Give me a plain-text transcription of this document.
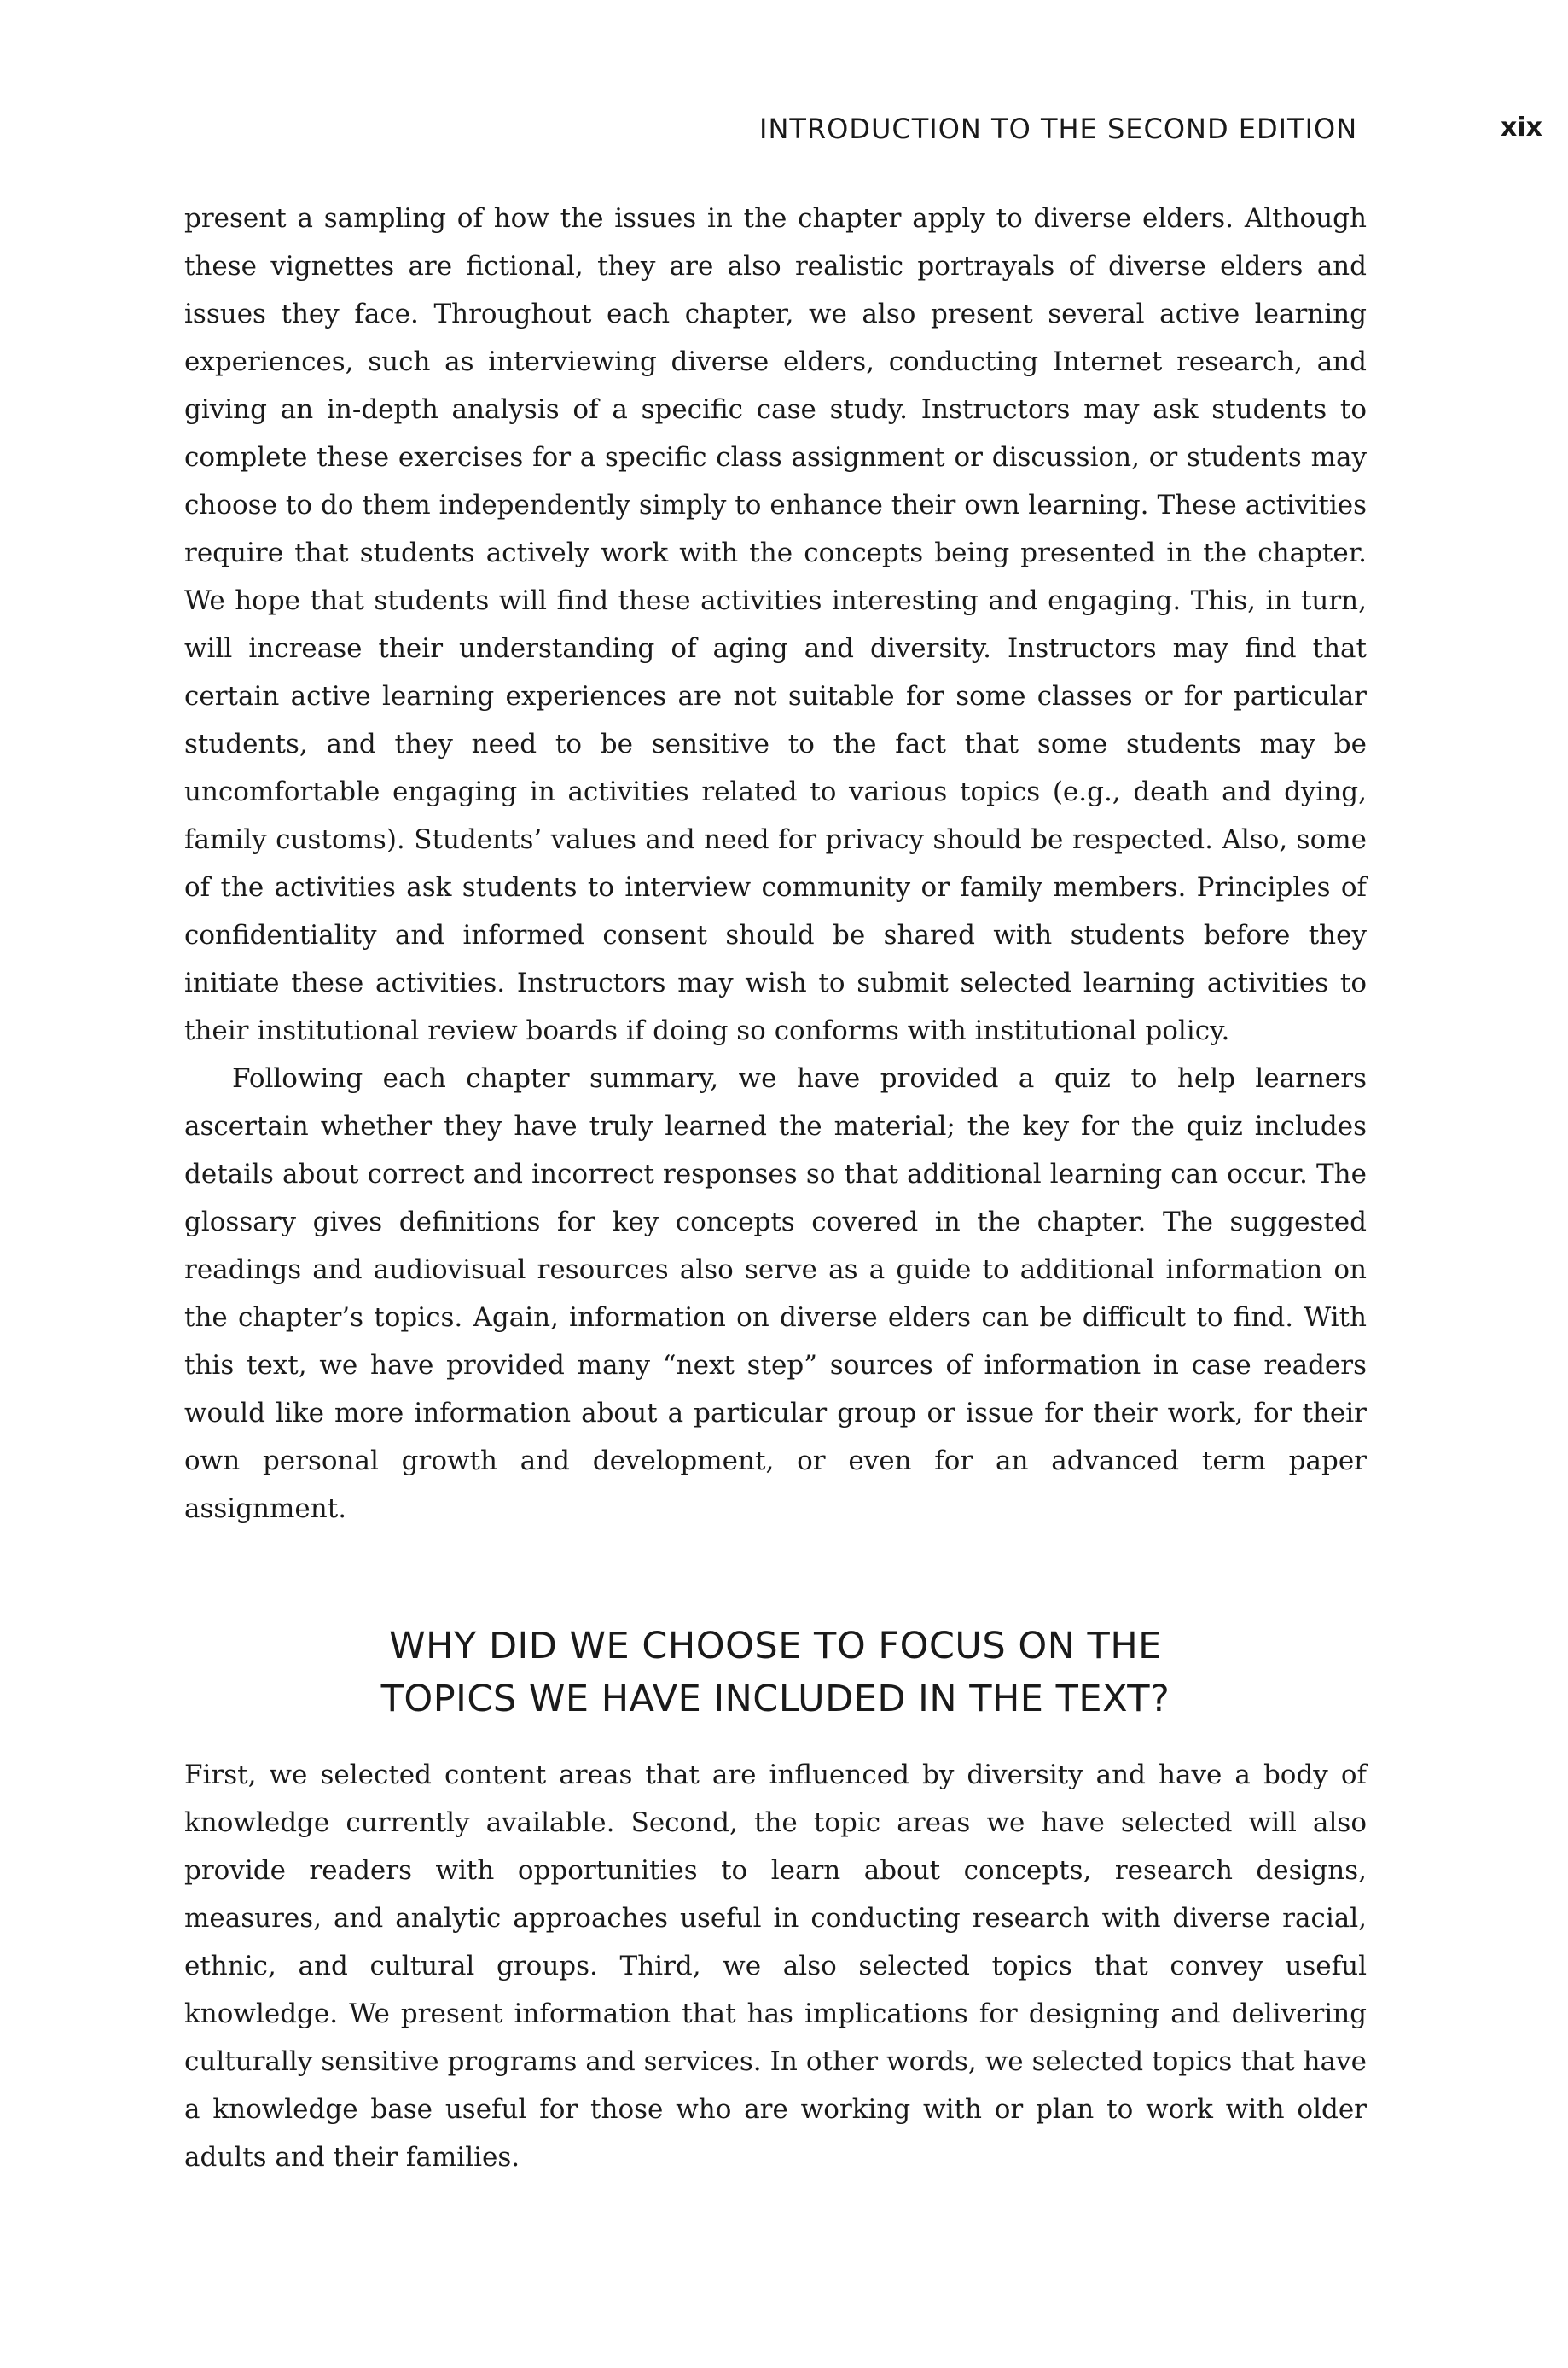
INTRODUCTION TO THE SECOND EDITION	xix

present a sampling of how the issues in the chapter apply to diverse elders. Although these vignettes are fictional, they are also realistic portrayals of diverse elders and issues they face. Throughout each chapter, we also present several active learning experiences, such as interviewing diverse elders, conducting Internet research, and giving an in-depth analysis of a specific case study. Instructors may ask students to complete these exercises for a specific class assignment or discussion, or students may choose to do them independently simply to enhance their own learning. These activities require that students actively work with the concepts being presented in the chapter. We hope that students will find these activities interesting and engaging. This, in turn, will increase their understanding of aging and diversity. Instructors may find that certain active learning experiences are not suitable for some classes or for particular students, and they need to be sensitive to the fact that some students may be uncomfortable engaging in activities related to various topics (e.g., death and dying, family customs). Students’ values and need for privacy should be respected. Also, some of the activities ask students to interview community or family members. Principles of confidentiality and informed consent should be shared with students before they initiate these activities. Instructors may wish to submit selected learning activities to their institutional review boards if doing so conforms with institutional policy.

Following each chapter summary, we have provided a quiz to help learners ascertain whether they have truly learned the material; the key for the quiz includes details about correct and incorrect responses so that additional learning can occur. The glossary gives definitions for key concepts covered in the chapter. The suggested readings and audiovisual resources also serve as a guide to additional information on the chapter’s topics. Again, information on diverse elders can be difficult to find. With this text, we have provided many “next step” sources of information in case readers would like more information about a particular group or issue for their work, for their own personal growth and development, or even for an advanced term paper assignment.

WHY DID WE CHOOSE TO FOCUS ON THE
TOPICS WE HAVE INCLUDED IN THE TEXT?

First, we selected content areas that are influenced by diversity and have a body of knowledge currently available. Second, the topic areas we have selected will also provide readers with opportunities to learn about concepts, research designs, measures, and analytic approaches useful in conducting research with diverse racial, ethnic, and cultural groups. Third, we also selected topics that convey useful knowledge. We present information that has implications for designing and delivering culturally sensitive programs and services. In other words, we selected topics that have a knowledge base useful for those who are working with or plan to work with older adults and their families.
